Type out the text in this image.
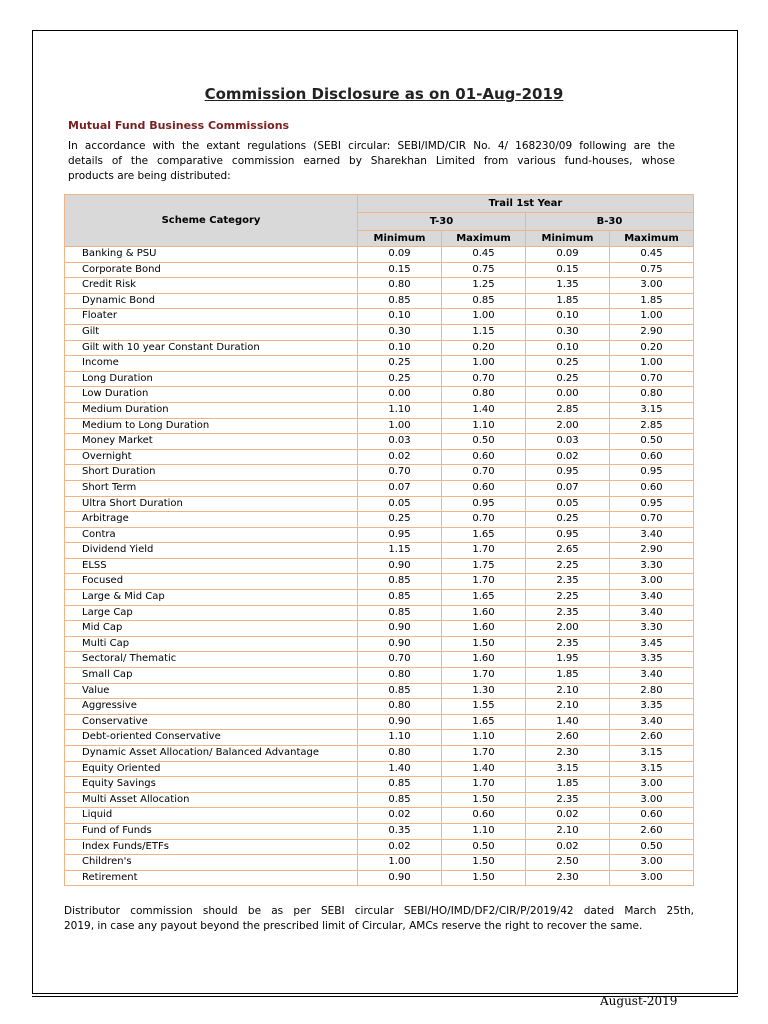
Commission Disclosure as on 01-Aug-2019
Mutual Fund Business Commissions
In accordance with the extant regulations (SEBI circular: SEBI/IMD/CIR No. 4/ 168230/09 following are the
details of the comparative commission earned by Sharekhan Limited from various fund-houses, whose
products are being distributed:
Scheme Category	Trail 1st Year			
	T-30		B-30	
	Minimum	Maximum	Minimum	Maximum
Banking & PSU	0.09	0.45	0.09	0.45
Corporate Bond	0.15	0.75	0.15	0.75
Credit Risk	0.80	1.25	1.35	3.00
Dynamic Bond	0.85	0.85	1.85	1.85
Floater	0.10	1.00	0.10	1.00
Gilt	0.30	1.15	0.30	2.90
Gilt with 10 year Constant Duration	0.10	0.20	0.10	0.20
Income	0.25	1.00	0.25	1.00
Long Duration	0.25	0.70	0.25	0.70
Low Duration	0.00	0.80	0.00	0.80
Medium Duration	1.10	1.40	2.85	3.15
Medium to Long Duration	1.00	1.10	2.00	2.85
Money Market	0.03	0.50	0.03	0.50
Overnight	0.02	0.60	0.02	0.60
Short Duration	0.70	0.70	0.95	0.95
Short Term	0.07	0.60	0.07	0.60
Ultra Short Duration	0.05	0.95	0.05	0.95
Arbitrage	0.25	0.70	0.25	0.70
Contra	0.95	1.65	0.95	3.40
Dividend Yield	1.15	1.70	2.65	2.90
ELSS	0.90	1.75	2.25	3.30
Focused	0.85	1.70	2.35	3.00
Large & Mid Cap	0.85	1.65	2.25	3.40
Large Cap	0.85	1.60	2.35	3.40
Mid Cap	0.90	1.60	2.00	3.30
Multi Cap	0.90	1.50	2.35	3.45
Sectoral/ Thematic	0.70	1.60	1.95	3.35
Small Cap	0.80	1.70	1.85	3.40
Value	0.85	1.30	2.10	2.80
Aggressive	0.80	1.55	2.10	3.35
Conservative	0.90	1.65	1.40	3.40
Debt-oriented Conservative	1.10	1.10	2.60	2.60
Dynamic Asset Allocation/ Balanced Advantage	0.80	1.70	2.30	3.15
Equity Oriented	1.40	1.40	3.15	3.15
Equity Savings	0.85	1.70	1.85	3.00
Multi Asset Allocation	0.85	1.50	2.35	3.00
Liquid	0.02	0.60	0.02	0.60
Fund of Funds	0.35	1.10	2.10	2.60
Index Funds/ETFs	0.02	0.50	0.02	0.50
Children's	1.00	1.50	2.50	3.00
Retirement	0.90	1.50	2.30	3.00
Distributor commission should be as per SEBI circular SEBI/HO/IMD/DF2/CIR/P/2019/42 dated March 25th,
2019, in case any payout beyond the prescribed limit of Circular, AMCs reserve the right to recover the same.
August-2019
